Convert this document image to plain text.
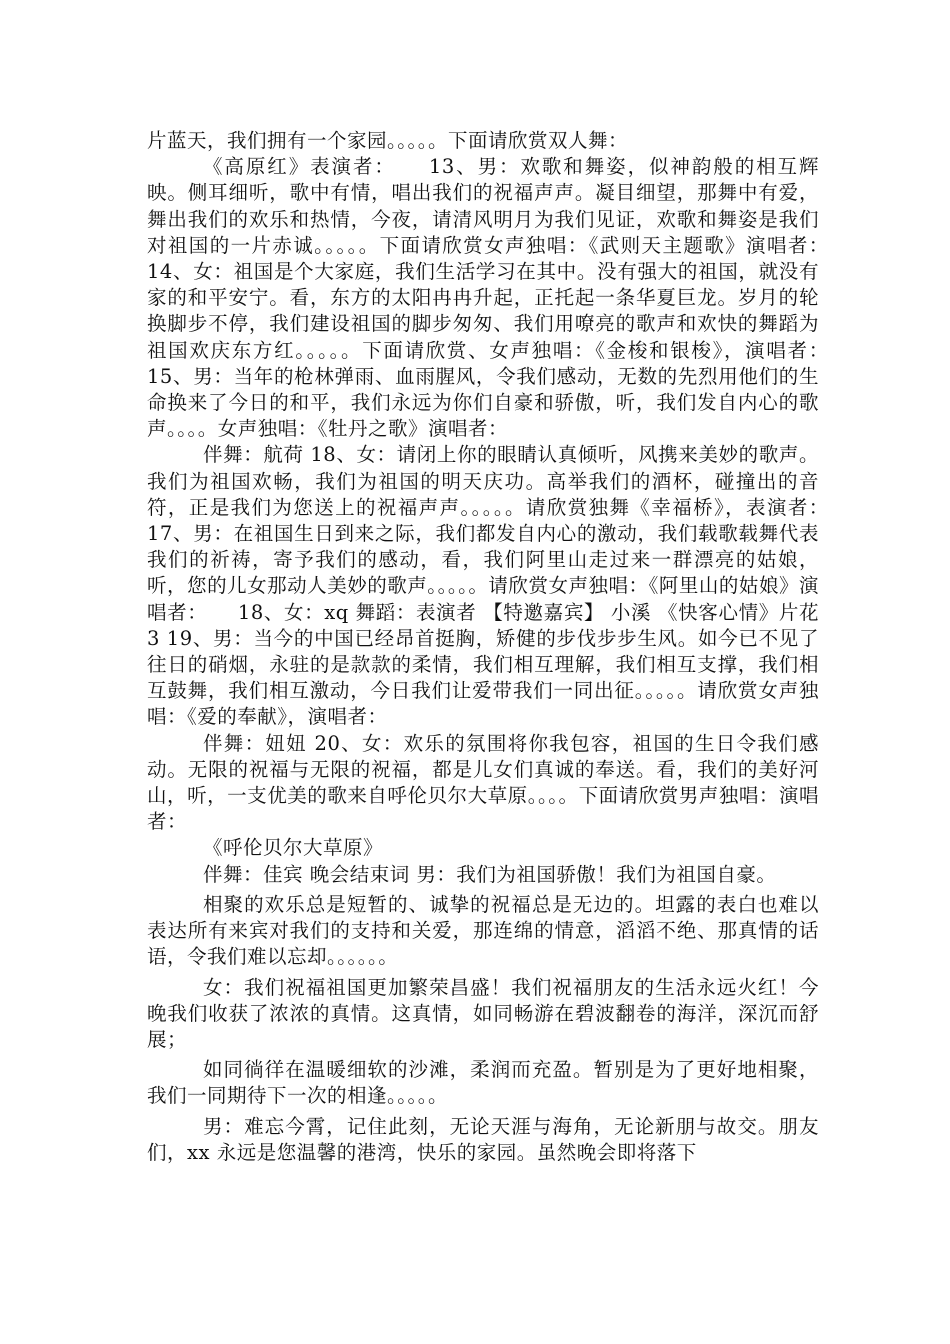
片蓝天，我们拥有一个家园。。。。。下面请欣赏双人舞：

《高原红》表演者：　　13、男：欢歌和舞姿，似神韵般的相互辉映。侧耳细听，歌中有情，唱出我们的祝福声声。凝目细望，那舞中有爱，舞出我们的欢乐和热情，今夜，请清风明月为我们见证，欢歌和舞姿是我们对祖国的一片赤诚。。。。。下面请欣赏女声独唱：《武则天主题歌》演唱者：　　14、女：祖国是个大家庭，我们生活学习在其中。没有强大的祖国，就没有家的和平安宁。看，东方的太阳冉冉升起，正托起一条华夏巨龙。岁月的轮换脚步不停，我们建设祖国的脚步匆匆、我们用嘹亮的歌声和欢快的舞蹈为祖国欢庆东方红。。。。。下面请欣赏、女声独唱：《金梭和银梭》，演唱者：　　15、男：当年的枪林弹雨、血雨腥风，令我们感动，无数的先烈用他们的生命换来了今日的和平，我们永远为你们自豪和骄傲，听，我们发自内心的歌声。。。。女声独唱：《牡丹之歌》演唱者：

伴舞：航荷 18、女：请闭上你的眼睛认真倾听，风携来美妙的歌声。我们为祖国欢畅，我们为祖国的明天庆功。高举我们的酒杯，碰撞出的音符，正是我们为您送上的祝福声声。。。。。请欣赏独舞《幸福桥》，表演者：　　17、男：在祖国生日到来之际，我们都发自内心的激动，我们载歌载舞代表我们的祈祷，寄予我们的感动，看，我们阿里山走过来一群漂亮的姑娘，听，您的儿女那动人美妙的歌声。。。。。请欣赏女声独唱：《阿里山的姑娘》演唱者：　　18、女：xq 舞蹈：表演者 【特邀嘉宾】 小溪 《快客心情》片花 3 19、男：当今的中国已经昂首挺胸，矫健的步伐步步生风。如今已不见了往日的硝烟，永驻的是款款的柔情，我们相互理解，我们相互支撑，我们相互鼓舞，我们相互激动，今日我们让爱带我们一同出征。。。。。请欣赏女声独唱：《爱的奉献》，演唱者：

伴舞：妞妞 20、女：欢乐的氛围将你我包容，祖国的生日令我们感动。无限的祝福与无限的祝福，都是儿女们真诚的奉送。看，我们的美好河山，听，一支优美的歌来自呼伦贝尔大草原。。。。下面请欣赏男声独唱：演唱者：

《呼伦贝尔大草原》

伴舞：佳宾 晚会结束词 男：我们为祖国骄傲！我们为祖国自豪。

相聚的欢乐总是短暂的、诚挚的祝福总是无边的。坦露的表白也难以表达所有来宾对我们的支持和关爱，那连绵的情意，滔滔不绝、那真情的话语，令我们难以忘却。。。。。。

女：我们祝福祖国更加繁荣昌盛！我们祝福朋友的生活永远火红！今晚我们收获了浓浓的真情。这真情，如同畅游在碧波翻卷的海洋，深沉而舒展；

如同徜徉在温暖细软的沙滩，柔润而充盈。暂别是为了更好地相聚，我们一同期待下一次的相逢。。。。。

男：难忘今霄，记住此刻，无论天涯与海角，无论新朋与故交。朋友们，xx 永远是您温馨的港湾，快乐的家园。虽然晚会即将落下
